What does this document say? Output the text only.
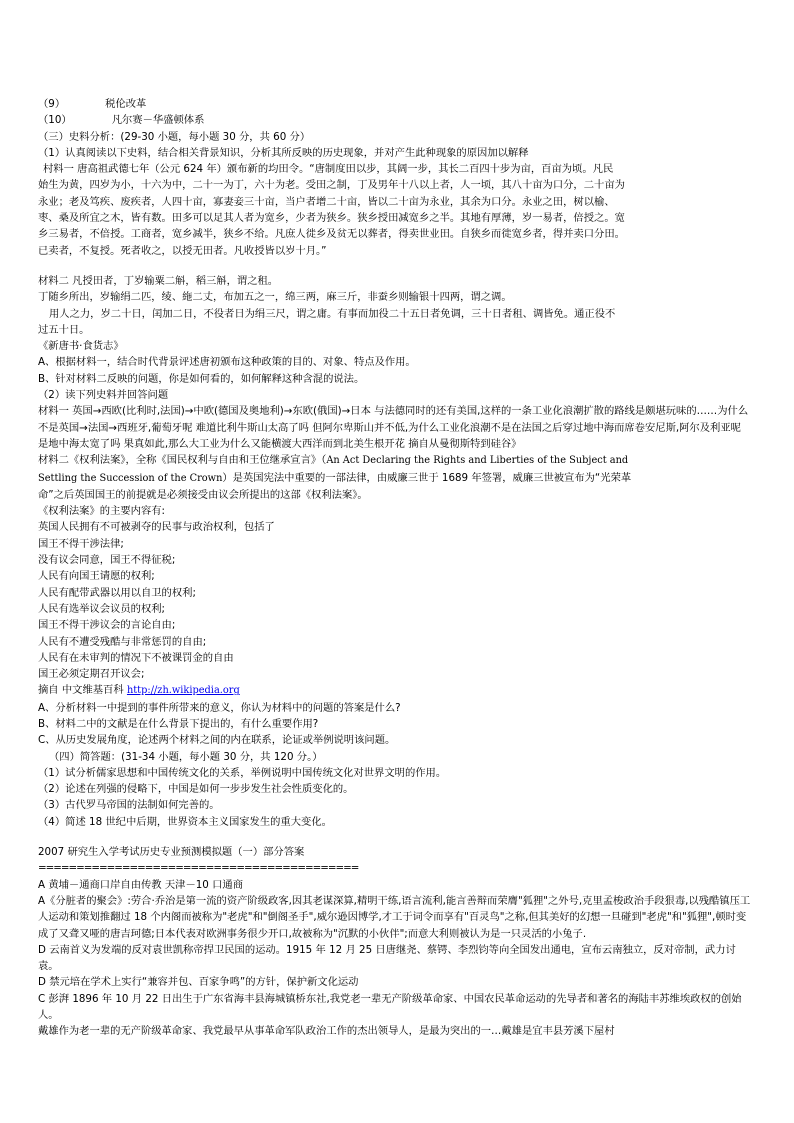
（9）	税伦改革
（10）	凡尔赛－华盛顿体系
（三）史料分析：(29-30 小题，每小题 30 分，共 60 分）
（1）认真阅读以下史料，结合相关背景知识，分析其所反映的历史现象，并对产生此种现象的原因加以解释
村料一 唐高祖武德七年（公元 624 年）颁布新的均田令。“唐制度田以步，其阔一步，其长二百四十步为亩，百亩为顷。凡民
始生为黄，四岁为小，十六为中，二十一为丁，六十为老。受田之制，丁及男年十八以上者，人一顷，其八十亩为口分，二十亩为
永业；老及笃疾、废疾者，人四十亩，寡妻妾三十亩，当户者增二十亩，皆以二十亩为永业，其余为口分。永业之田，树以榆、
枣、桑及所宜之木，皆有数。田多可以足其人者为宽乡，少者为狭乡。狭乡授田减宽乡之半。其地有厚薄，岁一易者，倍授之。宽
乡三易者，不倍授。工商者，宽乡减半，狭乡不给。凡庶人徙乡及贫无以葬者，得卖世业田。自狭乡而徙宽乡者，得并卖口分田。
已卖者，不复授。死者收之，以授无田者。凡收授皆以岁十月。”
材料二 凡授田者，丁岁输粟二斛，稻三斛，谓之租。
丁随乡所出，岁输绢二匹，绫、絁二丈，布加五之一，绵三两，麻三斤，非蚕乡则输银十四两，谓之调。
用人之力，岁二十日，闰加二日，不役者日为绢三尺，谓之庸。有事而加役二十五日者免调，三十日者租、调皆免。通正役不
过五十日。
《新唐书·食货志》
A、根据材料一，结合时代背景评述唐初颁布这种政策的目的、对象、特点及作用。
B、针对材料二反映的问题，你是如何看的，如何解释这种含混的说法。
（2）读下列史料并回答问题
材料一 英国→西欧(比利时,法国)→中欧(德国及奥地利)→东欧(俄国)→日本 与法德同时的还有美国,这样的一条工业化浪潮扩散的路线是颇堪玩味的……为什么不是英国→法国→西班牙,葡萄牙呢 难道比利牛斯山太高了吗 但阿尔卑斯山并不低,为什么工业化浪潮不是在法国之后穿过地中海而席卷安尼斯,阿尔及利亚呢 是地中海太宽了吗 果真如此,那么大工业为什么又能横渡大西洋而到北美生根开花 摘自从曼彻斯特到硅谷》
材料二《权利法案》，全称《国民权利与自由和王位继承宣言》（An Act Declaring the Rights and Liberties of the Subject and
Settling the Succession of the Crown）是英国宪法中重要的一部法律，由威廉三世于 1689 年签署，威廉三世被宣布为“光荣革
命”之后英国国王的前提就是必须接受由议会所提出的这部《权利法案》。
《权利法案》的主要内容有:
英国人民拥有不可被剥夺的民事与政治权利，包括了
国王不得干涉法律;
没有议会同意，国王不得征税;
人民有向国王请愿的权利;
人民有配带武器以用以自卫的权利;
人民有选举议会议员的权利;
国王不得干涉议会的言论自由;
人民有不遭受残酷与非常惩罚的自由;
人民有在未审判的情况下不被课罚金的自由
国王必须定期召开议会;
摘自 中文维基百科 http://zh.wikipedia.org
A、分析材料一中提到的事件所带来的意义，你认为材料中的问题的答案是什么?
B、材料二中的文献是在什么背景下提出的，有什么重要作用?
C、从历史发展角度，论述两个材料之间的内在联系，论证或举例说明该问题。
（四）简答题：(31-34 小题，每小题 30 分，共 120 分。）
（1）试分析儒家思想和中国传统文化的关系，举例说明中国传统文化对世界文明的作用。
（2）论述在列强的侵略下，中国是如何一步步发生社会性质变化的。
（3）古代罗马帝国的法制如何完善的。
（4）简述 18 世纪中后期，世界资本主义国家发生的重大变化。
2007 研究生入学考试历史专业预测模拟题（一）部分答案
==========================================
A 黄埔－通商口岸自由传教 天津－10 口通商
A《分脏者的聚会》:劳合·乔治是第一流的资产阶级政客,因其老谋深算,精明干练,语言流利,能言善辩而荣膺"狐狸"之外号,克里孟梭政治手段狠毒,以残酷镇压工人运动和策划推翻过 18 个内阁而被称为"老虎"和"倒阁圣手",威尔逊因博学,才工于词令而享有"百灵鸟"之称,但其美好的幻想一旦碰到"老虎"和"狐狸",顿时变成了又聋又哑的唐吉珂德;日本代表对欧洲事务很少开口,故被称为"沉默的小伙伴";而意大利则被认为是一只灵活的小兔子.
D 云南首义为发端的反对袁世凯称帝捍卫民国的运动。1915 年 12 月 25 日唐继尧、蔡锷、李烈钧等向全国发出通电，宣布云南独立，反对帝制，武力讨袁。
D 禁元培在学术上实行“兼容并包、百家争鸣”的方针，保护新文化运动
C 彭湃 1896 年 10 月 22 日出生于广东省海丰县海城镇桥东社,我党老一辈无产阶级革命家、中国农民革命运动的先导者和著名的海陆丰苏维埃政权的创始人。
戴雄作为老一辈的无产阶级革命家、我党最早从事革命军队政治工作的杰出领导人，是最为突出的一…戴雄是宜丰县芳溪下屋村
